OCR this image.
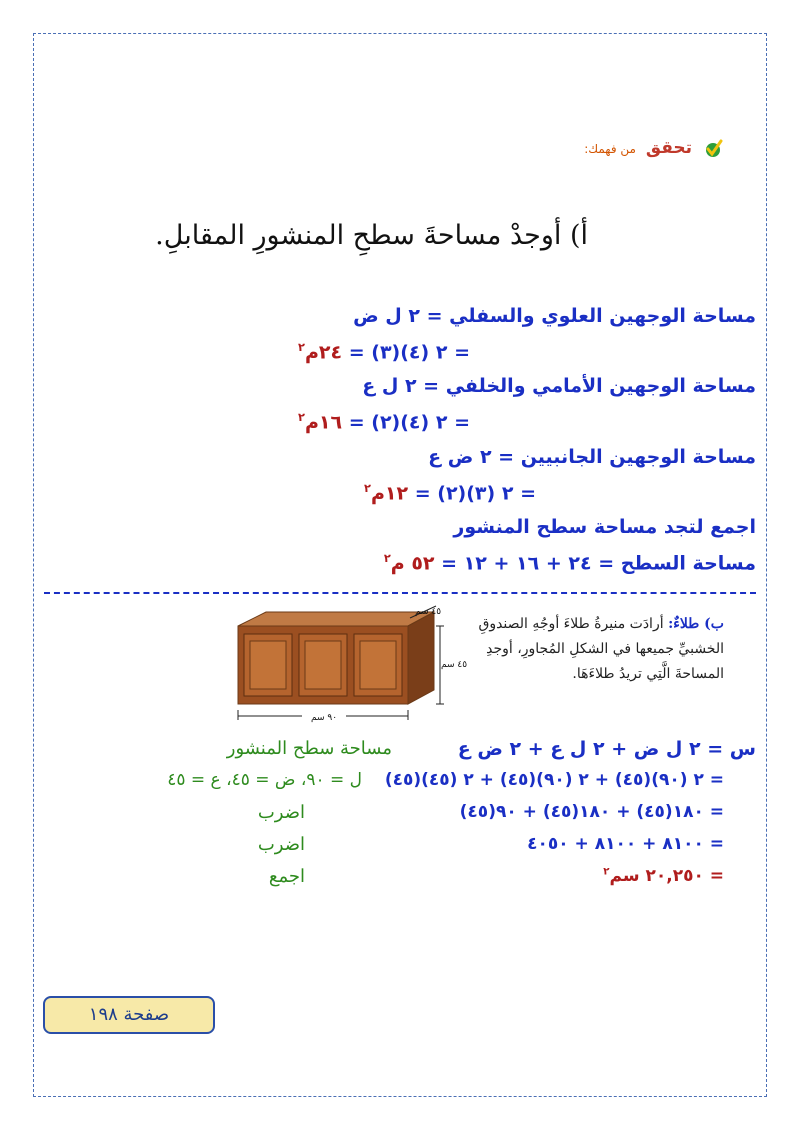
تحقق من فهمك:
أ) أوجدْ مساحةَ سطحِ المنشورِ المقابلِ.
مساحة الوجهين العلوي والسفلي = ٢ ل ض
= ٢ (٤)(٣) = ٢٤م$^٢$
مساحة الوجهين الأمامي والخلفي = ٢ ل ع
= ٢ (٤)(٢) = ١٦م$^٢$
مساحة الوجهين الجانبيين = ٢ ض ع
= ٢ (٣)(٢) = ١٢م$^٢$
اجمع لتجد مساحة سطح المنشور
مساحة السطح = ٢٤ + ١٦ + ١٢ = ٥٢ م$^٢$
ب) طلاءٌ: أرادَت منيرةُ طلاءَ أوجُهِ الصندوقِ الخشبيِّ جميعها في الشكلِ المُجاورِ، أوجدِ المساحةَ الَّتِي تريدُ طلاءَهَا.
٩٠ سم
٤٥ سم
٤٥ سم
س = ٢ ل ض + ٢ ل ع + ٢ ض ع
مساحة سطح المنشور
= ٢ (٩٠)(٤٥) + ٢ (٩٠)(٤٥) + ٢ (٤٥)(٤٥)
ل = ٩٠، ض = ٤٥، ع = ٤٥
= ١٨٠(٤٥) + ١٨٠(٤٥) + ٩٠(٤٥)
اضرب
= ٨١٠٠ + ٨١٠٠ + ٤٠٥٠
اضرب
= ٢٠,٢٥٠ سم$^٢$
اجمع
صفحة ١٩٨
